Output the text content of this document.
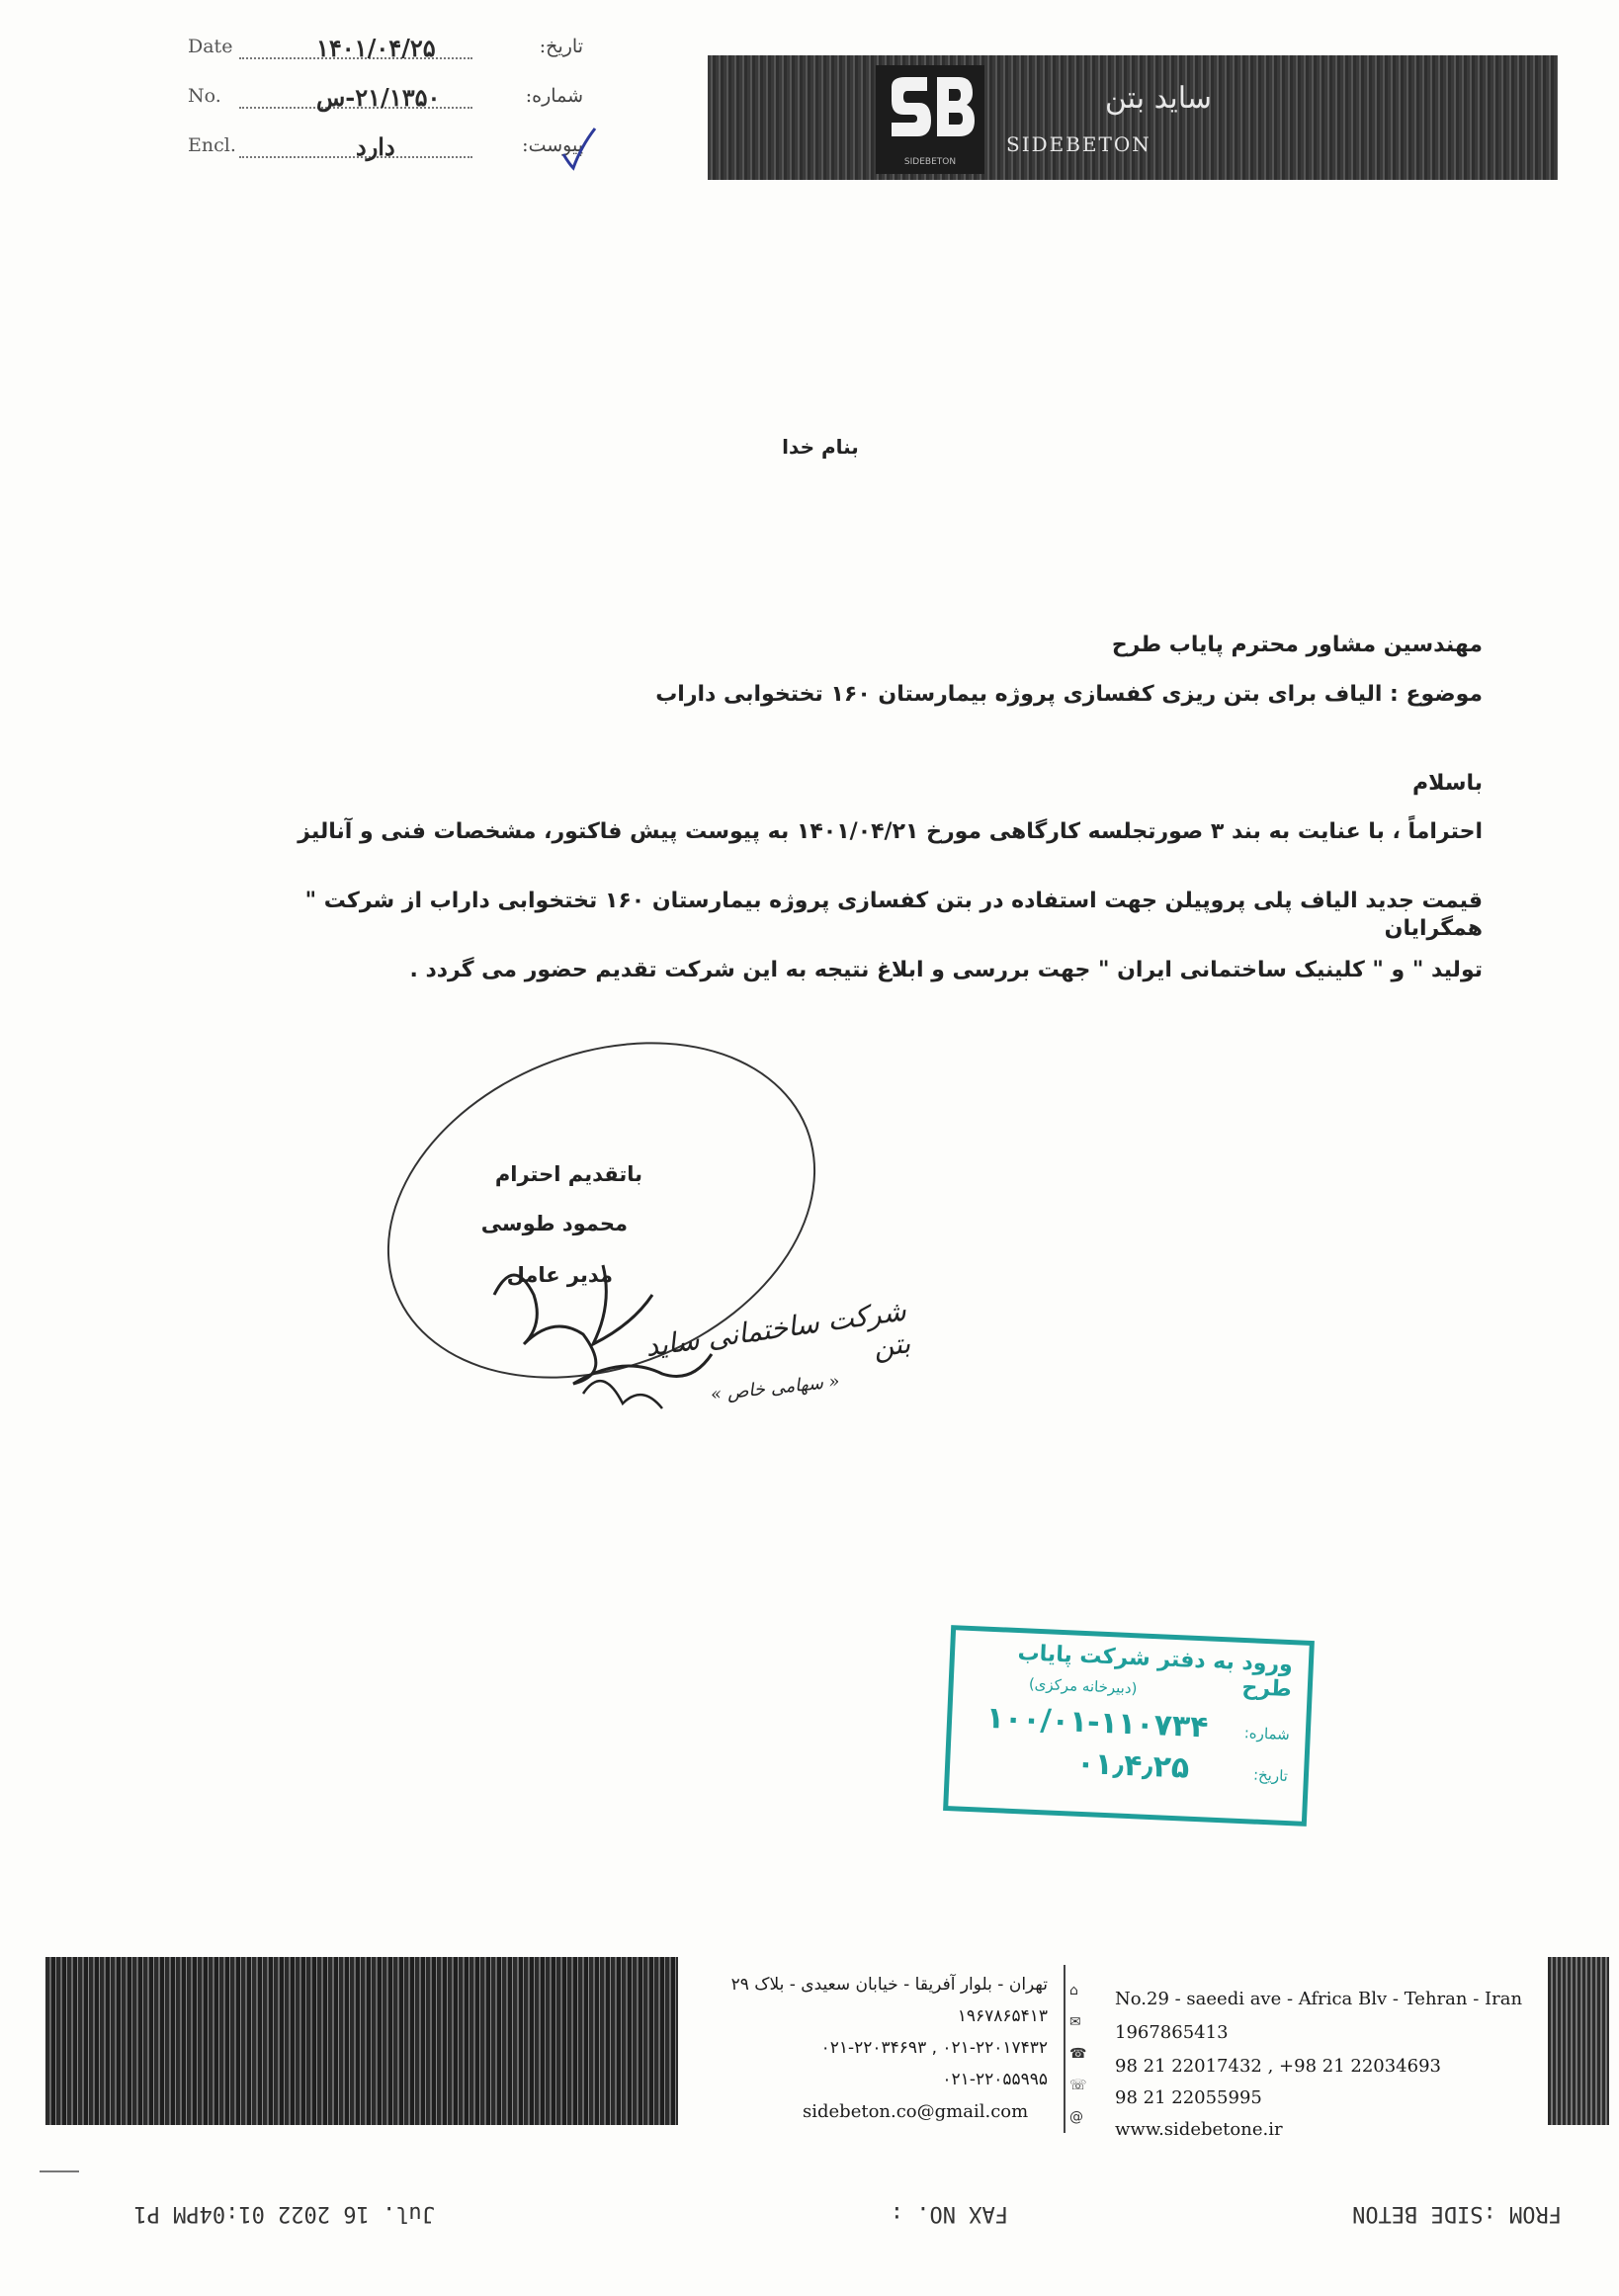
Date	۱۴۰۱/۰۴/۲۵	تاریخ:
No.	۲۱/۱۳۵۰-س	شماره:
Encl.	دارد	پیوست:
SIDEBETON
ساید بتن
SIDEBETON
بنام خدا
مهندسین مشاور محترم پایاب طرح
موضوع : الیاف برای بتن ریزی کفسازی پروژه بیمارستان ۱۶۰ تختخوابی داراب
باسلام
احتراماً ، با عنایت به بند ۳ صورتجلسه کارگاهی مورخ ۱۴۰۱/۰۴/۲۱ به پیوست پیش فاکتور، مشخصات فنی و آنالیز
قیمت جدید الیاف پلی پروپیلن جهت استفاده در بتن کفسازی پروژه بیمارستان ۱۶۰ تختخوابی داراب از شرکت " همگرایان
تولید " و " کلینیک ساختمانی ایران " جهت بررسی و ابلاغ نتیجه به این شرکت تقدیم حضور می گردد .
باتقدیم احترام
محمود طوسی
مدیر عامل
شرکت ساختمانی ساید بتن
« سهامی خاص »
ورود به دفتر شرکت پایاب طرح
(دبیرخانه مرکزی)
شماره:
۱۰۰/۰۱-۱۱۰۷۳۴
تاریخ:
۰۱٫۴٫۲۵
تهران - بلوار آفریقا - خیابان سعیدی - بلاک ۲۹
۱۹۶۷۸۶۵۴۱۳
۰۲۱-۲۲۰۱۷۴۳۲ , ۰۲۱-۲۲۰۳۴۶۹۳
۰۲۱-۲۲۰۵۵۹۹۵
sidebeton.co@gmail.com
⌂
✉
☎
☏
@
No.29 - saeedi ave - Africa Blv - Tehran - Iran
1967865413
98 21 22017432 , +98 21 22034693
98 21 22055995
www.sidebetone.ir
FROM :SIDE BETON
FAX NO. :
Jul. 16 2022 01:04PM P1
